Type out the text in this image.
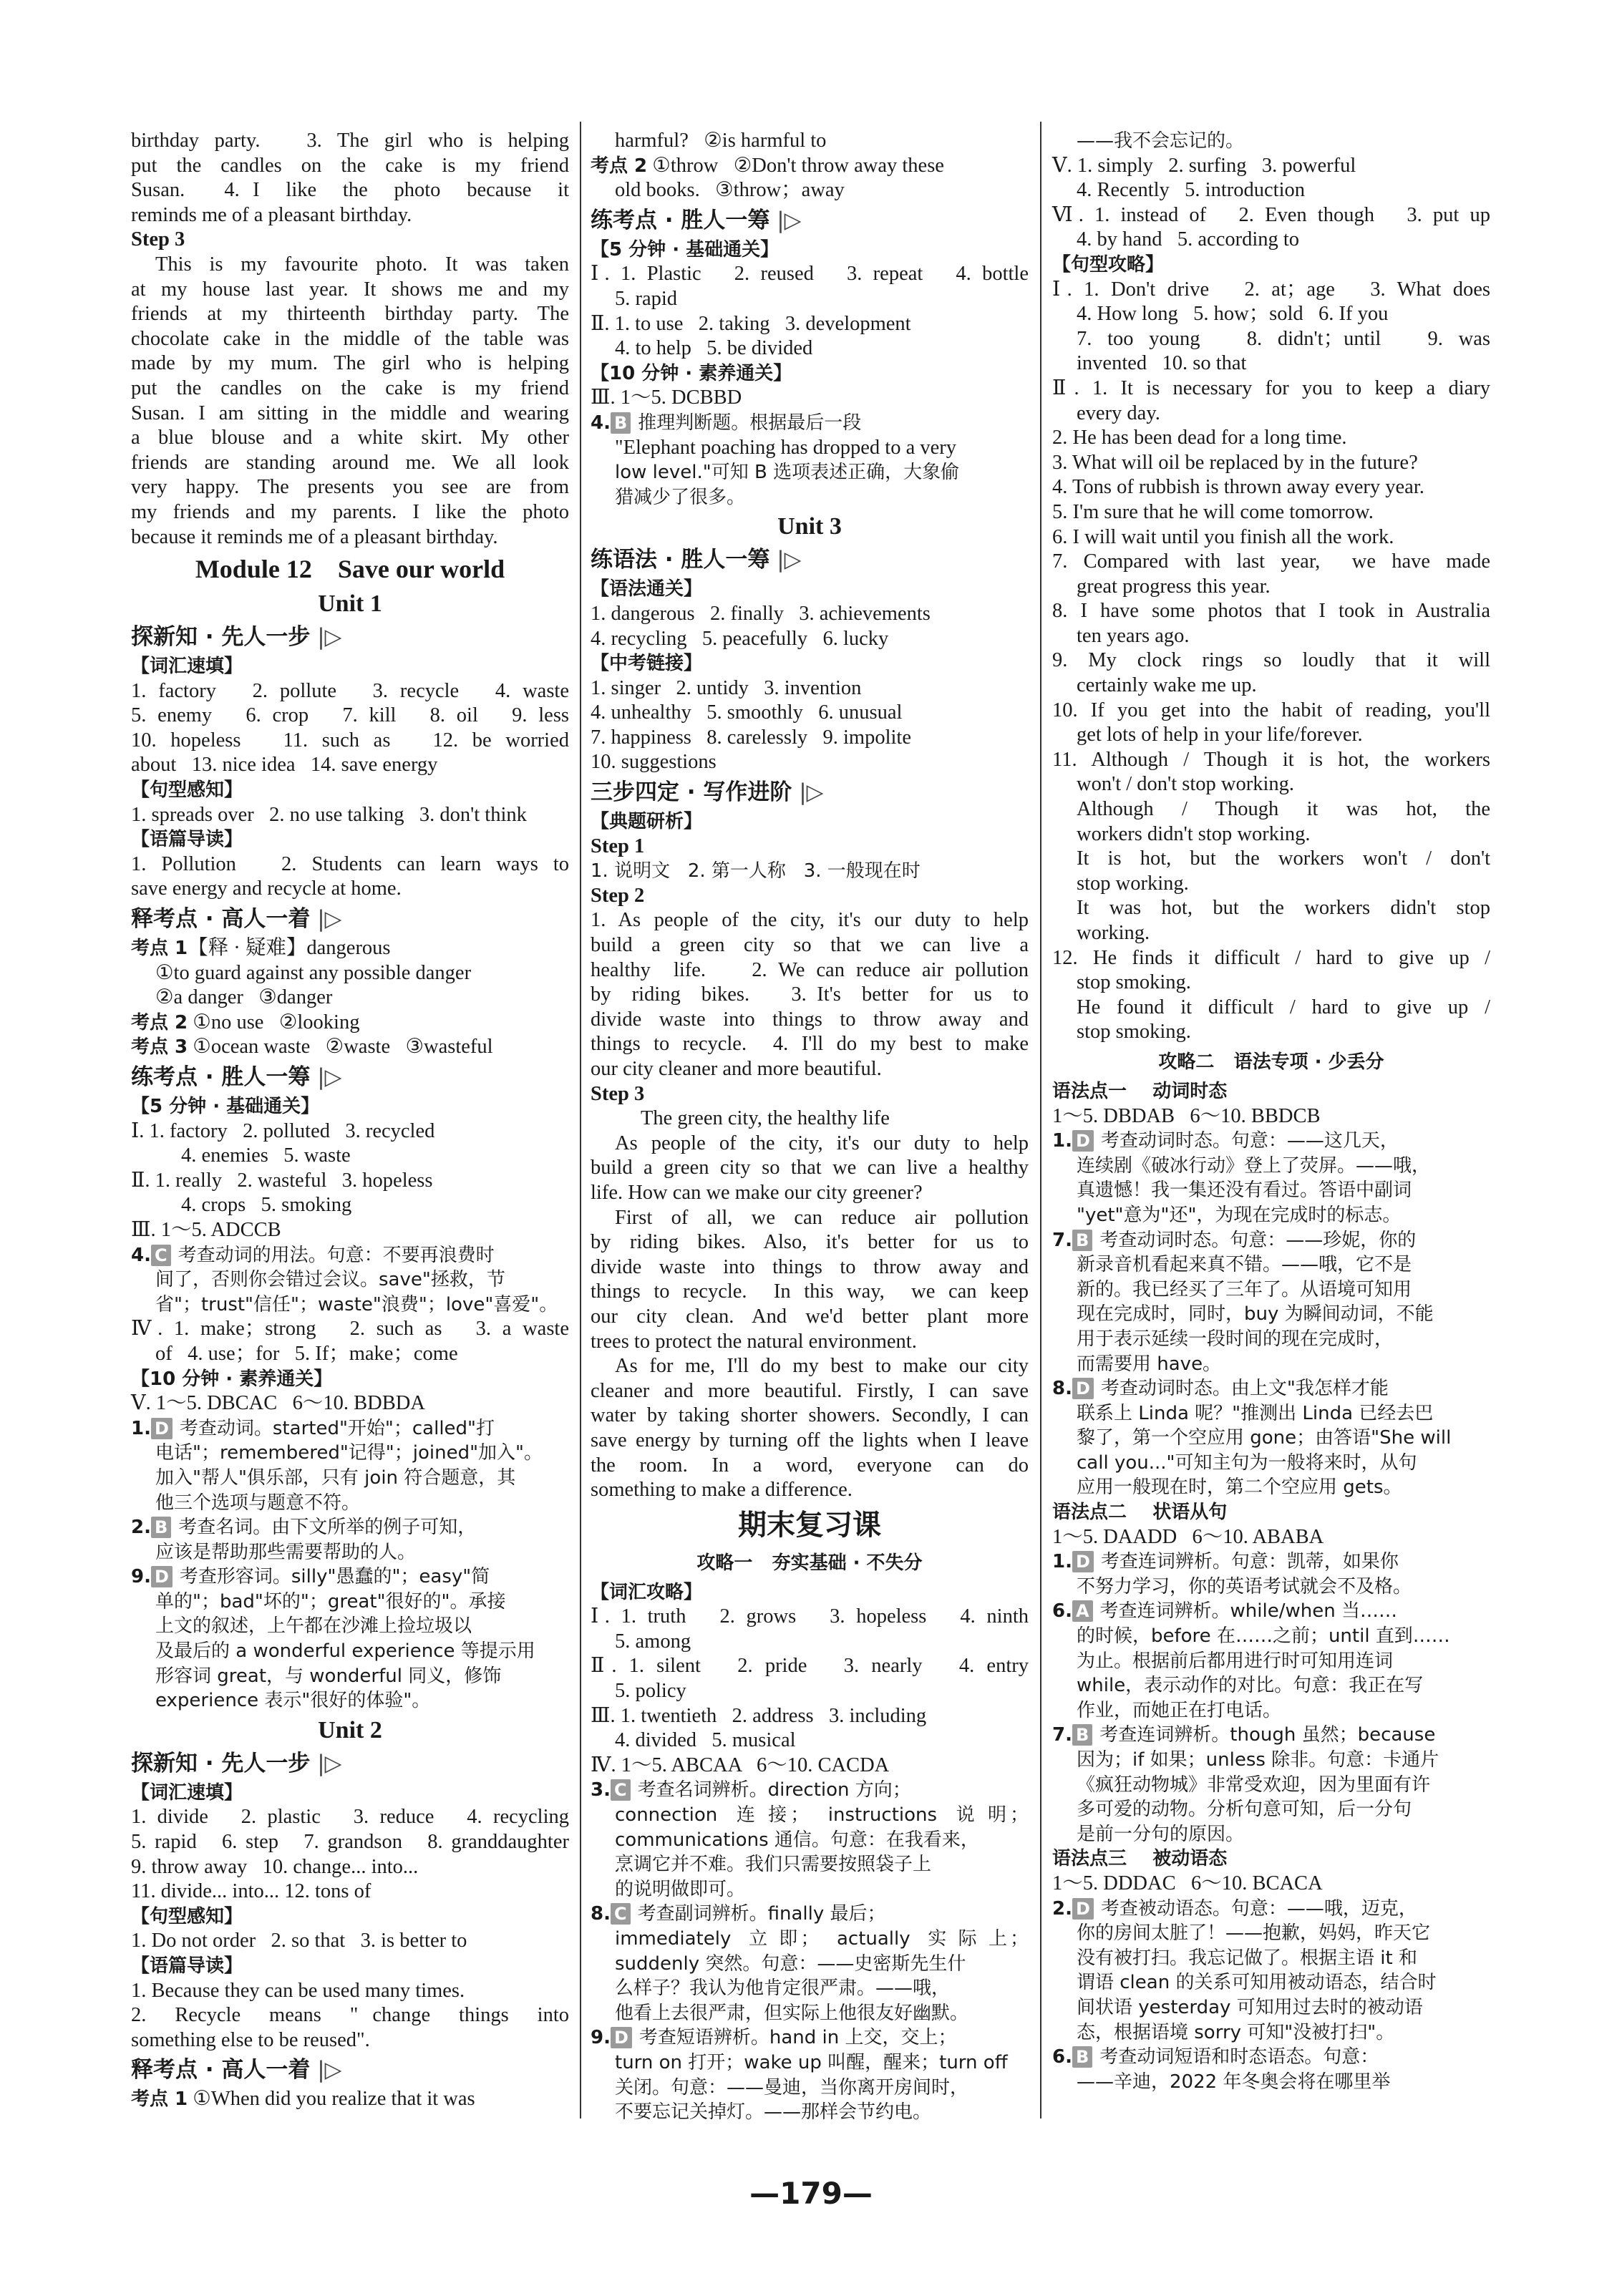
birthday party.   3. The girl who is helping
put  the  candles  on  the  cake  is  my  friend
Susan.   4. I  like  the  photo  because  it
reminds me of a pleasant birthday.
Step 3
This is my favourite photo. It was taken
at my house last year. It shows me and my
friends at my thirteenth birthday party. The
chocolate cake in the middle of the table was
made by my mum. The girl who is helping
put  the  candles  on  the  cake  is  my  friend
Susan. I am sitting in the middle and wearing
a  blue  blouse  and  a  white  skirt.  My  other
friends are standing around me. We all look
very happy. The presents you see are from
my friends and my parents. I like the photo
because it reminds me of a pleasant birthday.
Module 12    Save our world
Unit 1
探新知 · 先人一步 |▷
【词汇速填】
1. factory   2. pollute   3. recycle   4. waste
5. enemy   6. crop   7. kill   8. oil   9. less
10. hopeless   11. such as   12. be worried
about   13. nice idea   14. save energy
【句型感知】
1. spreads over   2. no use talking   3. don't think
【语篇导读】
1. Pollution   2. Students can learn ways to
save energy and recycle at home.
释考点 · 高人一着 |▷
考点 1【释 · 疑难】dangerous
①to guard against any possible danger
②a danger   ③danger
考点 2 ①no use   ②looking
考点 3 ①ocean waste   ②waste   ③wasteful
练考点 · 胜人一筹 |▷
【5 分钟 · 基础通关】
Ⅰ. 1. factory   2. polluted   3. recycled
4. enemies   5. waste
Ⅱ. 1. really   2. wasteful   3. hopeless
4. crops   5. smoking
Ⅲ. 1～5. ADCCB
4. C 考查动词的用法。句意：不要再浪费时
间了，否则你会错过会议。save"拯救，节
省"；trust"信任"；waste"浪费"；love"喜爱"。
Ⅳ. 1. make；strong   2. such as   3. a waste
of   4. use；for   5. If；make；come
【10 分钟 · 素养通关】
Ⅴ. 1～5. DBCAC   6～10. BDBDA
1. D 考查动词。started"开始"；called"打
电话"；remembered"记得"；joined"加入"。
加入"帮人"俱乐部，只有 join 符合题意，其
他三个选项与题意不符。
2. B 考查名词。由下文所举的例子可知，
应该是帮助那些需要帮助的人。
9. D 考查形容词。silly"愚蠢的"；easy"简
单的"；bad"坏的"；great"很好的"。承接
上文的叙述，上午都在沙滩上捡垃圾以
及最后的 a wonderful experience 等提示用
形容词 great，与 wonderful 同义，修饰
experience 表示"很好的体验"。
Unit 2
探新知 · 先人一步 |▷
【词汇速填】
1. divide   2. plastic   3. reduce   4. recycling
5. rapid   6. step   7. grandson   8. granddaughter
9. throw away   10. change... into...
11. divide... into... 12. tons of
【句型感知】
1. Do not order   2. so that   3. is better to
【语篇导读】
1. Because they can be used many times.
2.  Recycle  means  " change  things  into
something else to be reused".
释考点 · 高人一着 |▷
考点 1 ①When did you realize that it was
harmful?   ②is harmful to
考点 2 ①throw   ②Don't throw away these
old books.   ③throw；away
练考点 · 胜人一筹 |▷
【5 分钟 · 基础通关】
Ⅰ. 1. Plastic   2. reused   3. repeat   4. bottle
5. rapid
Ⅱ. 1. to use   2. taking   3. development
4. to help   5. be divided
【10 分钟 · 素养通关】
Ⅲ. 1～5. DCBBD
4. B 推理判断题。根据最后一段
"Elephant poaching has dropped to a very
low level."可知 B 选项表述正确，大象偷
猎减少了很多。
Unit 3
练语法 · 胜人一筹 |▷
【语法通关】
1. dangerous   2. finally   3. achievements
4. recycling   5. peacefully   6. lucky
【中考链接】
1. singer   2. untidy   3. invention
4. unhealthy   5. smoothly   6. unusual
7. happiness   8. carelessly   9. impolite
10. suggestions
三步四定 · 写作进阶 |▷
【典题研析】
Step 1
1. 说明文   2. 第一人称   3. 一般现在时
Step 2
1. As people of the city, it's our duty to help
build  a  green  city  so  that  we  can  live  a
healthy  life.    2. We can reduce air pollution
by  riding  bikes.    3. It's  better  for  us  to
divide waste into things to throw away and
things to recycle.  4. I'll do my best to make
our city cleaner and more beautiful.
Step 3
The green city, the healthy life
As people of the city, it's our duty to help
build a green city so that we can live a healthy
life. How can we make our city greener?
First of all, we can reduce air pollution
by riding bikes. Also, it's better for us to
divide waste into things to throw away and
things to recycle.  In this way,  we can keep
our city clean. And we'd better plant more
trees to protect the natural environment.
As for me, I'll do my best to make our city
cleaner and more beautiful. Firstly, I can save
water by taking shorter showers. Secondly, I can
save energy by turning off the lights when I leave
the  room.  In  a  word,  everyone  can  do
something to make a difference.
期末复习课
攻略一   夯实基础 · 不失分
【词汇攻略】
Ⅰ. 1. truth   2. grows   3. hopeless   4. ninth
5. among
Ⅱ. 1. silent   2. pride   3. nearly   4. entry
5. policy
Ⅲ. 1. twentieth   2. address   3. including
4. divided   5. musical
Ⅳ. 1～5. ABCAA   6～10. CACDA
3. C 考查名词辨析。direction 方向；
connection  连 接；  instructions  说 明；
communications 通信。句意：在我看来，
烹调它并不难。我们只需要按照袋子上
的说明做即可。
8. C 考查副词辨析。finally 最后；
immediately  立 即；  actually  实 际 上；
suddenly 突然。句意：——史密斯先生什
么样子？我认为他肯定很严肃。——哦，
他看上去很严肃，但实际上他很友好幽默。
9. D 考查短语辨析。hand in 上交，交上；
turn on 打开；wake up 叫醒，醒来；turn off
关闭。句意：——曼迪，当你离开房间时，
不要忘记关掉灯。——那样会节约电。
——我不会忘记的。
Ⅴ. 1. simply   2. surfing   3. powerful
4. Recently   5. introduction
Ⅵ. 1. instead of   2. Even though   3. put up
4. by hand   5. according to
【句型攻略】
Ⅰ. 1. Don't drive   2. at；age   3. What does
4. How long   5. how；sold   6. If you
7. too young   8. didn't；until   9. was
invented   10. so that
Ⅱ. 1. It is necessary for you to keep a diary
every day.
2. He has been dead for a long time.
3. What will oil be replaced by in the future?
4. Tons of rubbish is thrown away every year.
5. I'm sure that he will come tomorrow.
6. I will wait until you finish all the work.
7. Compared with last year,  we have made
great progress this year.
8. I have some photos that I took in Australia
ten years ago.
9.  My  clock  rings  so  loudly  that  it  will
certainly wake me up.
10. If you get into the habit of reading, you'll
get lots of help in your life/forever.
11. Although / Though it is hot, the workers
won't / don't stop working.
Although  /  Though  it  was  hot,  the
workers didn't stop working.
It is hot, but the workers won't / don't
stop working.
It was hot, but the workers didn't stop
working.
12. He finds it difficult / hard to give up /
stop smoking.
He found it difficult / hard to give up /
stop smoking.
攻略二   语法专项 · 少丢分
语法点一    动词时态
1～5. DBDAB   6～10. BBDCB
1. D 考查动词时态。句意：——这几天，
连续剧《破冰行动》登上了荧屏。——哦，
真遗憾！我一集还没有看过。答语中副词
"yet"意为"还"，为现在完成时的标志。
7. B 考查动词时态。句意：——珍妮，你的
新录音机看起来真不错。——哦，它不是
新的。我已经买了三年了。从语境可知用
现在完成时，同时，buy 为瞬间动词，不能
用于表示延续一段时间的现在完成时，
而需要用 have。
8. D 考查动词时态。由上文"我怎样才能
联系上 Linda 呢？"推测出 Linda 已经去巴
黎了，第一个空应用 gone；由答语"She will
call you..."可知主句为一般将来时，从句
应用一般现在时，第二个空应用 gets。
语法点二    状语从句
1～5. DAADD   6～10. ABABA
1. D 考查连词辨析。句意：凯蒂，如果你
不努力学习，你的英语考试就会不及格。
6. A 考查连词辨析。while/when 当……
的时候，before 在……之前；until 直到……
为止。根据前后都用进行时可知用连词
while，表示动作的对比。句意：我正在写
作业，而她正在打电话。
7. B 考查连词辨析。though 虽然；because
因为；if 如果；unless 除非。句意：卡通片
《疯狂动物城》非常受欢迎，因为里面有许
多可爱的动物。分析句意可知，后一分句
是前一分句的原因。
语法点三    被动语态
1～5. DDDAC   6～10. BCACA
2. D 考查被动语态。句意：——哦，迈克，
你的房间太脏了！——抱歉，妈妈，昨天它
没有被打扫。我忘记做了。根据主语 it 和
谓语 clean 的关系可知用被动语态，结合时
间状语 yesterday 可知用过去时的被动语
态，根据语境 sorry 可知"没被打扫"。
6. B 考查动词短语和时态语态。句意：
——辛迪，2022 年冬奥会将在哪里举
—179—
